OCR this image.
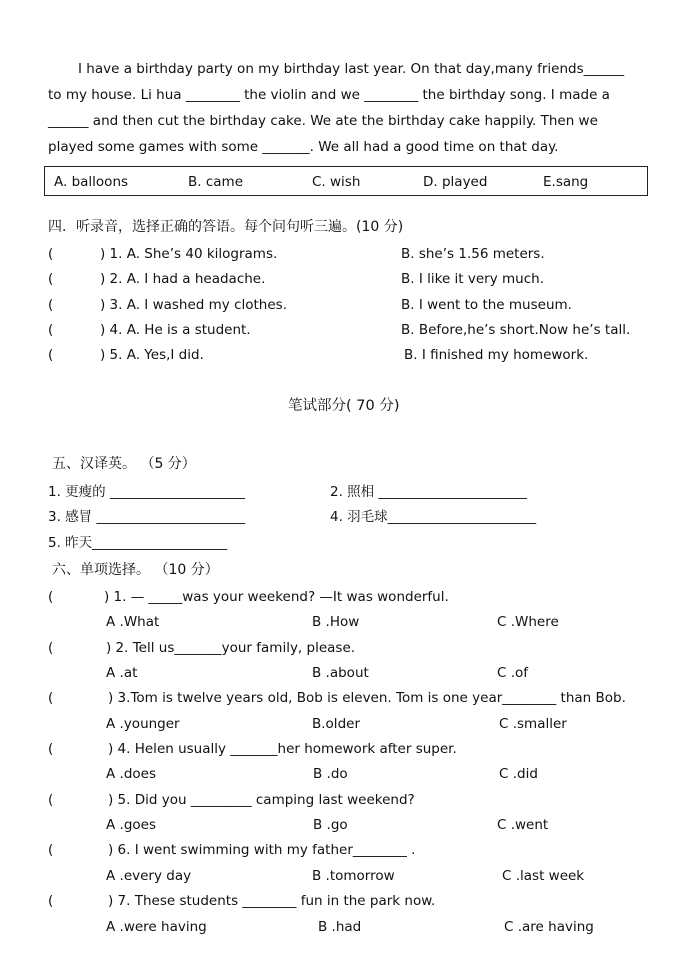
I have a birthday party on my birthday last year. On that day,many friends______
to my house. Li hua ________ the violin and we ________ the birthday song. I made a
______ and then cut the birthday cake. We ate the birthday cake happily. Then we
played some games with some _______. We all had a good time on that day.
A. balloons	B. came	C. wish	D. played	E.sang
四．听录音，选择正确的答语。每个问句听三遍。(10 分)
(	) 1. A. She’s 40 kilograms.	B. she’s 1.56 meters.
(	) 2. A. I had a headache.	B. I like it very much.
(	) 3. A. I washed my clothes.	B. I went to the museum.
(	) 4. A. He is a student.	B. Before,he’s short.Now he’s tall.
(	) 5. A. Yes,I did.	B. I finished my homework.
笔试部分( 70 分)
五、汉译英。 （5 分）
1. 更瘦的 ____________________	2. 照相 ______________________
3. 感冒 ______________________	4. 羽毛球______________________
5. 昨天____________________
六、单项选择。 （10 分）
(	) 1. — _____was your weekend? —It was wonderful.
A .What	B .How	C .Where
(	) 2. Tell us_______your family, please.
A .at	B .about	C .of
(	) 3.Tom is twelve years old, Bob is eleven. Tom is one year________ than Bob.
A .younger	B.older	C .smaller
(	) 4. Helen usually _______her homework after super.
A .does	B .do	C .did
(	) 5. Did you _________ camping last weekend?
A .goes	B .go	C .went
(	) 6. I went swimming with my father________ .
A .every day	B .tomorrow	C .last week
(	) 7. These students ________ fun in the park now.
A .were having	B .had	C .are having
